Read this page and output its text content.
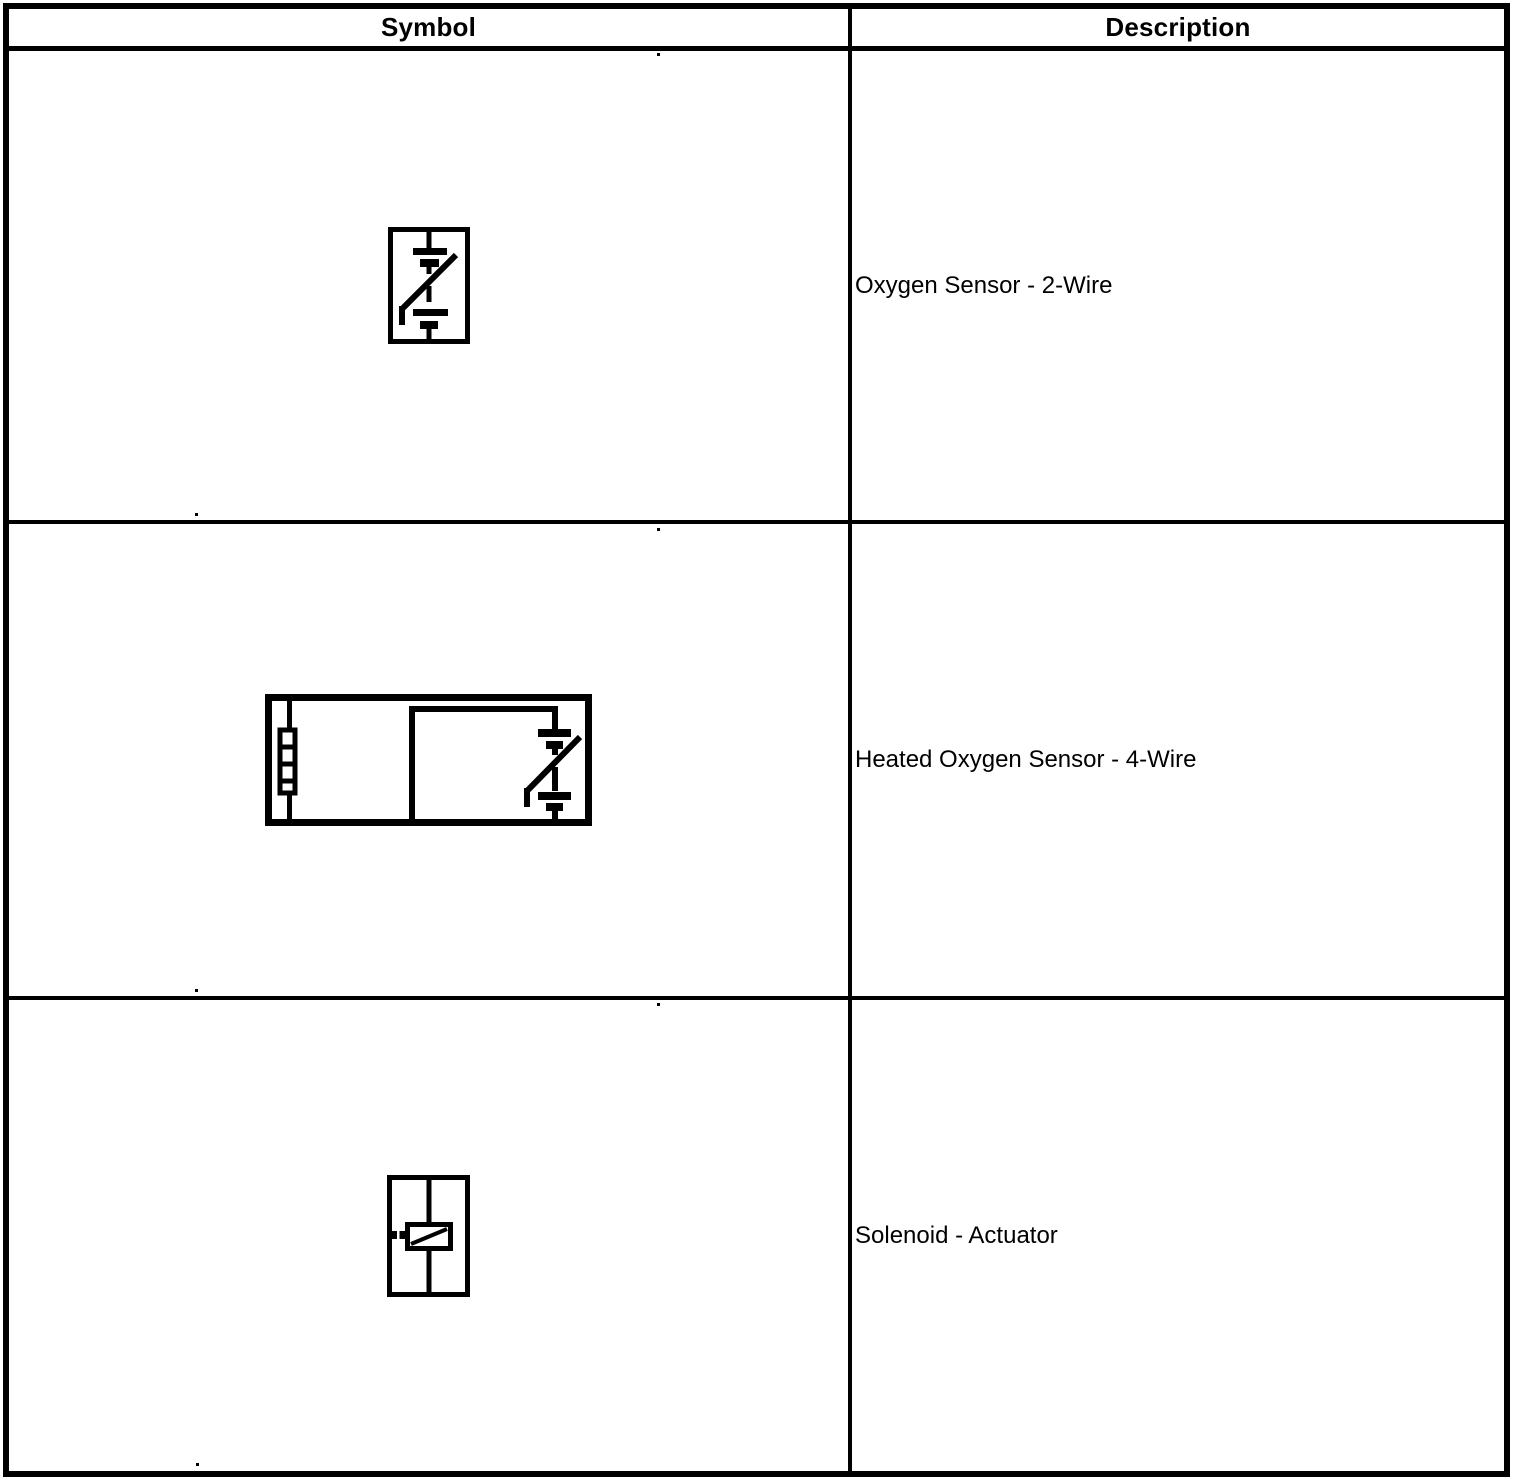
Symbol	Description
Oxygen Sensor - 2-Wire
Heated Oxygen Sensor - 4-Wire
Solenoid - Actuator
